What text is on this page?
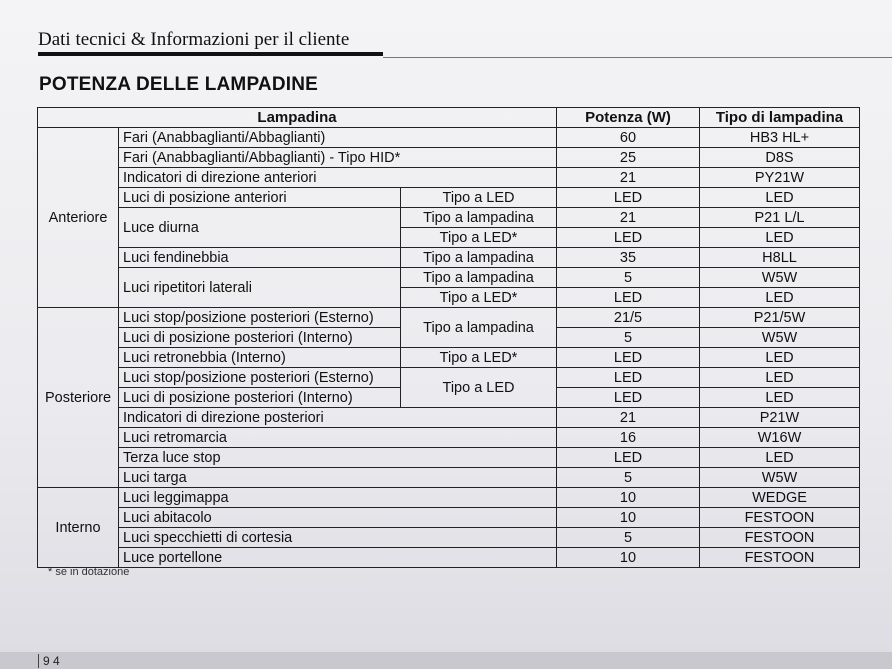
Dati tecnici & Informazioni per il cliente
POTENZA DELLE LAMPADINE
Lampadina			Potenza (W)	Tipo di lampadina
Anteriore	Fari (Anabbaglianti/Abbaglianti)		60	HB3 HL+
	Fari (Anabbaglianti/Abbaglianti) - Tipo HID*		25	D8S
	Indicatori di direzione anteriori		21	PY21W
	Luci di posizione anteriori	Tipo a LED	LED	LED
	Luce diurna	Tipo a lampadina	21	P21 L/L
		Tipo a LED*	LED	LED
	Luci fendinebbia	Tipo a lampadina	35	H8LL
	Luci ripetitori laterali	Tipo a lampadina	5	W5W
		Tipo a LED*	LED	LED
Posteriore	Luci stop/posizione posteriori (Esterno)	Tipo a lampadina	21/5	P21/5W
	Luci di posizione posteriori (Interno)		5	W5W
	Luci retronebbia (Interno)	Tipo a LED*	LED	LED
	Luci stop/posizione posteriori (Esterno)	Tipo a LED	LED	LED
	Luci di posizione posteriori (Interno)		LED	LED
	Indicatori di direzione posteriori		21	P21W
	Luci retromarcia		16	W16W
	Terza luce stop		LED	LED
	Luci targa		5	W5W
Interno	Luci leggimappa		10	WEDGE
	Luci abitacolo		10	FESTOON
	Luci specchietti di cortesia		5	FESTOON
	Luce portellone		10	FESTOON
* se in dotazione
9 4
